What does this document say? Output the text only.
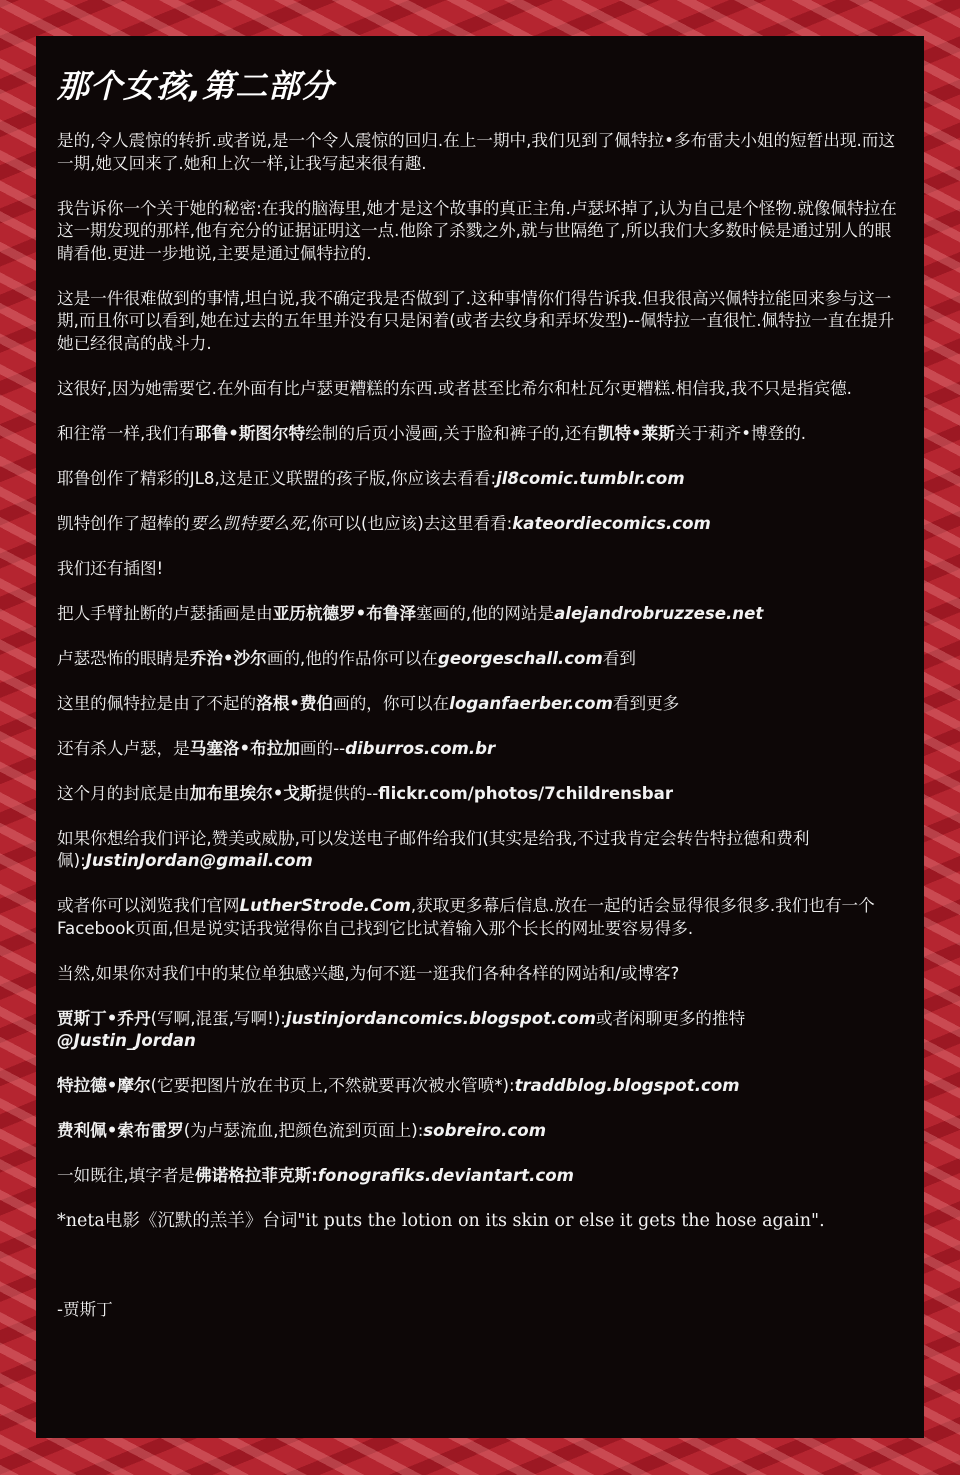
那个女孩,第二部分

是的,令人震惊的转折.或者说,是一个令人震惊的回归.在上一期中,我们见到了佩特拉•多布雷夫小姐的短暂出现.而这一期,她又回来了.她和上次一样,让我写起来很有趣.

我告诉你一个关于她的秘密:在我的脑海里,她才是这个故事的真正主角.卢瑟坏掉了,认为自己是个怪物.就像佩特拉在这一期发现的那样,他有充分的证据证明这一点.他除了杀戮之外,就与世隔绝了,所以我们大多数时候是通过别人的眼睛看他.更进一步地说,主要是通过佩特拉的.

这是一件很难做到的事情,坦白说,我不确定我是否做到了.这种事情你们得告诉我.但我很高兴佩特拉能回来参与这一期,而且你可以看到,她在过去的五年里并没有只是闲着(或者去纹身和弄坏发型)--佩特拉一直很忙.佩特拉一直在提升她已经很高的战斗力.

这很好,因为她需要它.在外面有比卢瑟更糟糕的东西.或者甚至比希尔和杜瓦尔更糟糕.相信我,我不只是指宾德.

和往常一样,我们有耶鲁•斯图尔特绘制的后页小漫画,关于脸和裤子的,还有凯特•莱斯关于莉齐•博登的.

耶鲁创作了精彩的JL8,这是正义联盟的孩子版,你应该去看看:jl8comic.tumblr.com

凯特创作了超棒的要么凯特要么死,你可以(也应该)去这里看看:kateordiecomics.com

我们还有插图!

把人手臂扯断的卢瑟插画是由亚历杭德罗•布鲁泽塞画的,他的网站是alejandrobruzzese.net

卢瑟恐怖的眼睛是乔治•沙尔画的,他的作品你可以在georgeschall.com看到

这里的佩特拉是由了不起的洛根•费伯画的，你可以在loganfaerber.com看到更多

还有杀人卢瑟，是马塞洛•布拉加画的--diburros.com.br

这个月的封底是由加布里埃尔•戈斯提供的--flickr.com/photos/7childrensbar

如果你想给我们评论,赞美或威胁,可以发送电子邮件给我们(其实是给我,不过我肯定会转告特拉德和费利佩):JustinJordan@gmail.com

或者你可以浏览我们官网LutherStrode.Com,获取更多幕后信息.放在一起的话会显得很多很多.我们也有一个Facebook页面,但是说实话我觉得你自己找到它比试着输入那个长长的网址要容易得多.

当然,如果你对我们中的某位单独感兴趣,为何不逛一逛我们各种各样的网站和/或博客?

贾斯丁•乔丹(写啊,混蛋,写啊!):justinjordancomics.blogspot.com或者闲聊更多的推特
@Justin_Jordan

特拉德•摩尔(它要把图片放在书页上,不然就要再次被水管喷*):traddblog.blogspot.com

费利佩•索布雷罗(为卢瑟流血,把颜色流到页面上):sobreiro.com

一如既往,填字者是佛诺格拉菲克斯:fonografiks.deviantart.com

*neta电影《沉默的羔羊》台词"it puts the lotion on its skin or else it gets the hose again".

-贾斯丁
